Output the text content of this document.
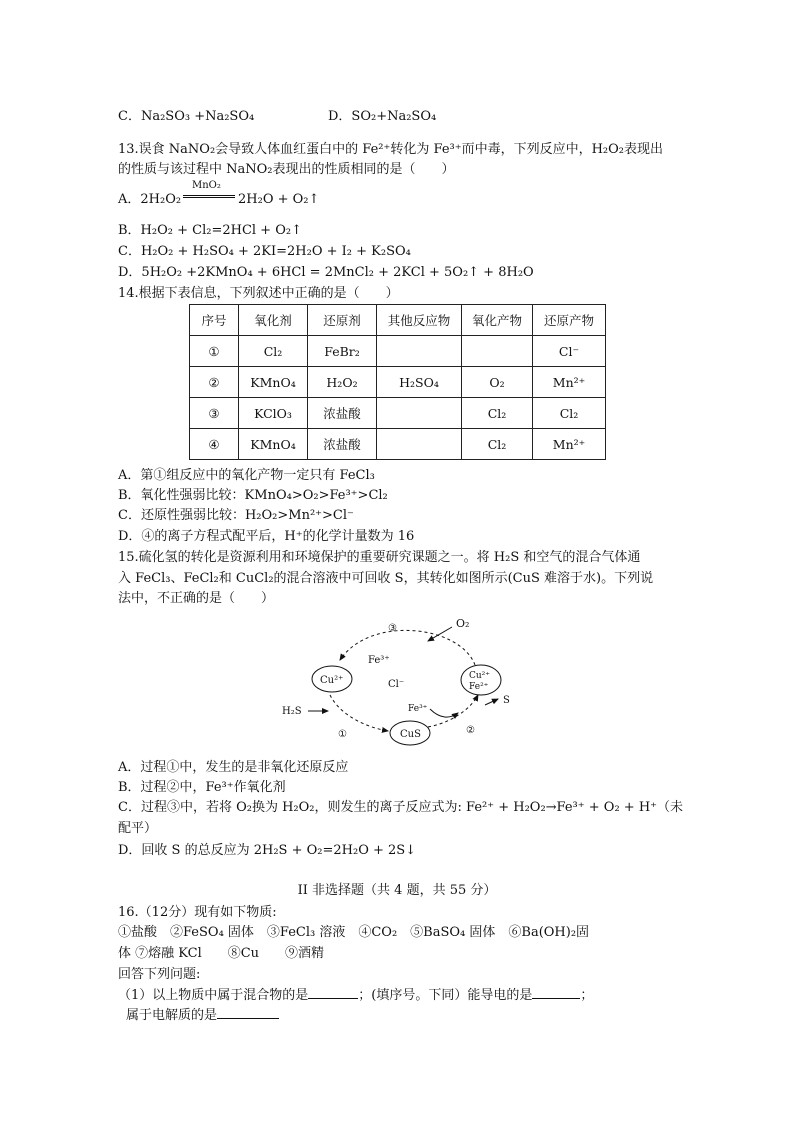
C．Na₂SO₃ +Na₂SO₄	D．SO₂+Na₂SO₄
13.误食 NaNO₂会导致人体血红蛋白中的 Fe²⁺转化为 Fe³⁺而中毒，下列反应中，H₂O₂表现出
的性质与该过程中 NaNO₂表现出的性质相同的是（　　）
A．2H₂O₂
MnO₂
2H₂O + O₂↑
B．H₂O₂ + Cl₂=2HCl + O₂↑
C．H₂O₂ + H₂SO₄ + 2KI=2H₂O + I₂ + K₂SO₄
D．5H₂O₂ +2KMnO₄ + 6HCl = 2MnCl₂ + 2KCl + 5O₂↑ + 8H₂O
14.根据下表信息，下列叙述中正确的是（　　）
序号	氧化剂	还原剂	其他反应物	氧化产物	还原产物
①	Cl₂	FeBr₂			Cl⁻
②	KMnO₄	H₂O₂	H₂SO₄	O₂	Mn²⁺
③	KClO₃	浓盐酸		Cl₂	Cl₂
④	KMnO₄	浓盐酸		Cl₂	Mn²⁺
A．第①组反应中的氧化产物一定只有 FeCl₃
B．氧化性强弱比较：KMnO₄>O₂>Fe³⁺>Cl₂
C．还原性强弱比较：H₂O₂>Mn²⁺>Cl⁻
D．④的离子方程式配平后，H⁺的化学计量数为 16
15.硫化氢的转化是资源利用和环境保护的重要研究课题之一。将 H₂S 和空气的混合气体通
入 FeCl₃、FeCl₂和 CuCl₂的混合溶液中可回收 S，其转化如图所示(CuS 难溶于水)。下列说
法中，不正确的是（　　）
③	O₂
Fe³⁺
Cu²⁺	Cl⁻
Cu²⁺
Fe²⁺
H₂S	Fe³⁺
S
CuS
①	②
A．过程①中，发生的是非氧化还原反应
B．过程②中，Fe³⁺作氧化剂
C．过程③中，若将 O₂换为 H₂O₂，则发生的离子反应式为: Fe²⁺ + H₂O₂→Fe³⁺ + O₂ + H⁺（未
配平）
D．回收 S 的总反应为 2H₂S + O₂=2H₂O + 2S↓
II 非选择题（共 4 题，共 55 分）
16.（12分）现有如下物质:
①盐酸　②FeSO₄ 固体　③FeCl₃ 溶液　④CO₂　⑤BaSO₄ 固体　⑥Ba(OH)₂固
体 ⑦熔融 KCl　　⑧Cu　　⑨酒精
回答下列问题:
（1）以上物质中属于混合物的是	；(填序号。下同）能导电的是	；
属于电解质的是
